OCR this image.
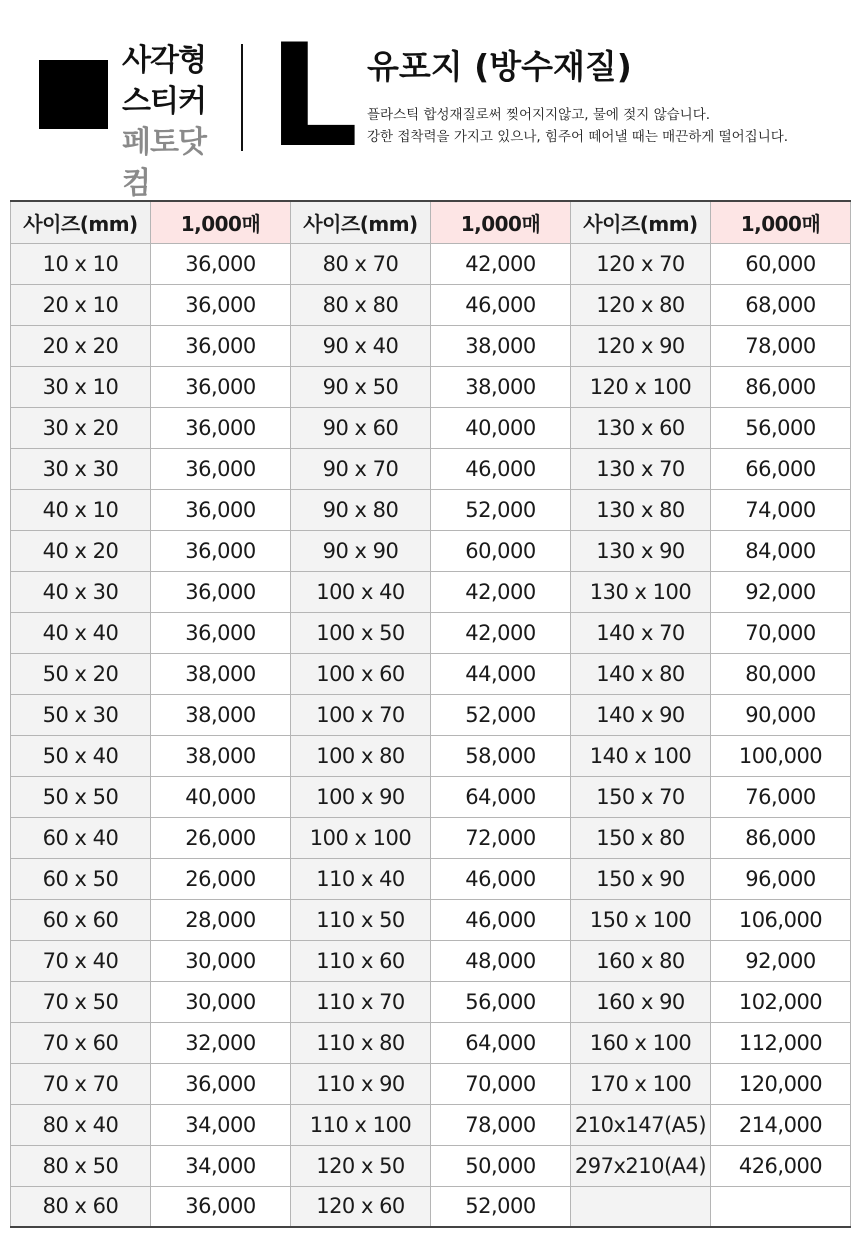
사각형
스티커
페토닷컴
L 유포지 (방수재질)
플라스틱 합성재질로써 찢어지지않고, 물에 젖지 않습니다.
강한 접착력을 가지고 있으나, 힘주어 떼어낼 때는 매끈하게 떨어집니다.
사이즈(mm)	1,000매	사이즈(mm)	1,000매	사이즈(mm)	1,000매
10 x 10	36,000	80 x 70	42,000	120 x 70	60,000
20 x 10	36,000	80 x 80	46,000	120 x 80	68,000
20 x 20	36,000	90 x 40	38,000	120 x 90	78,000
30 x 10	36,000	90 x 50	38,000	120 x 100	86,000
30 x 20	36,000	90 x 60	40,000	130 x 60	56,000
30 x 30	36,000	90 x 70	46,000	130 x 70	66,000
40 x 10	36,000	90 x 80	52,000	130 x 80	74,000
40 x 20	36,000	90 x 90	60,000	130 x 90	84,000
40 x 30	36,000	100 x 40	42,000	130 x 100	92,000
40 x 40	36,000	100 x 50	42,000	140 x 70	70,000
50 x 20	38,000	100 x 60	44,000	140 x 80	80,000
50 x 30	38,000	100 x 70	52,000	140 x 90	90,000
50 x 40	38,000	100 x 80	58,000	140 x 100	100,000
50 x 50	40,000	100 x 90	64,000	150 x 70	76,000
60 x 40	26,000	100 x 100	72,000	150 x 80	86,000
60 x 50	26,000	110 x 40	46,000	150 x 90	96,000
60 x 60	28,000	110 x 50	46,000	150 x 100	106,000
70 x 40	30,000	110 x 60	48,000	160 x 80	92,000
70 x 50	30,000	110 x 70	56,000	160 x 90	102,000
70 x 60	32,000	110 x 80	64,000	160 x 100	112,000
70 x 70	36,000	110 x 90	70,000	170 x 100	120,000
80 x 40	34,000	110 x 100	78,000	210x147(A5)	214,000
80 x 50	34,000	120 x 50	50,000	297x210(A4)	426,000
80 x 60	36,000	120 x 60	52,000		
